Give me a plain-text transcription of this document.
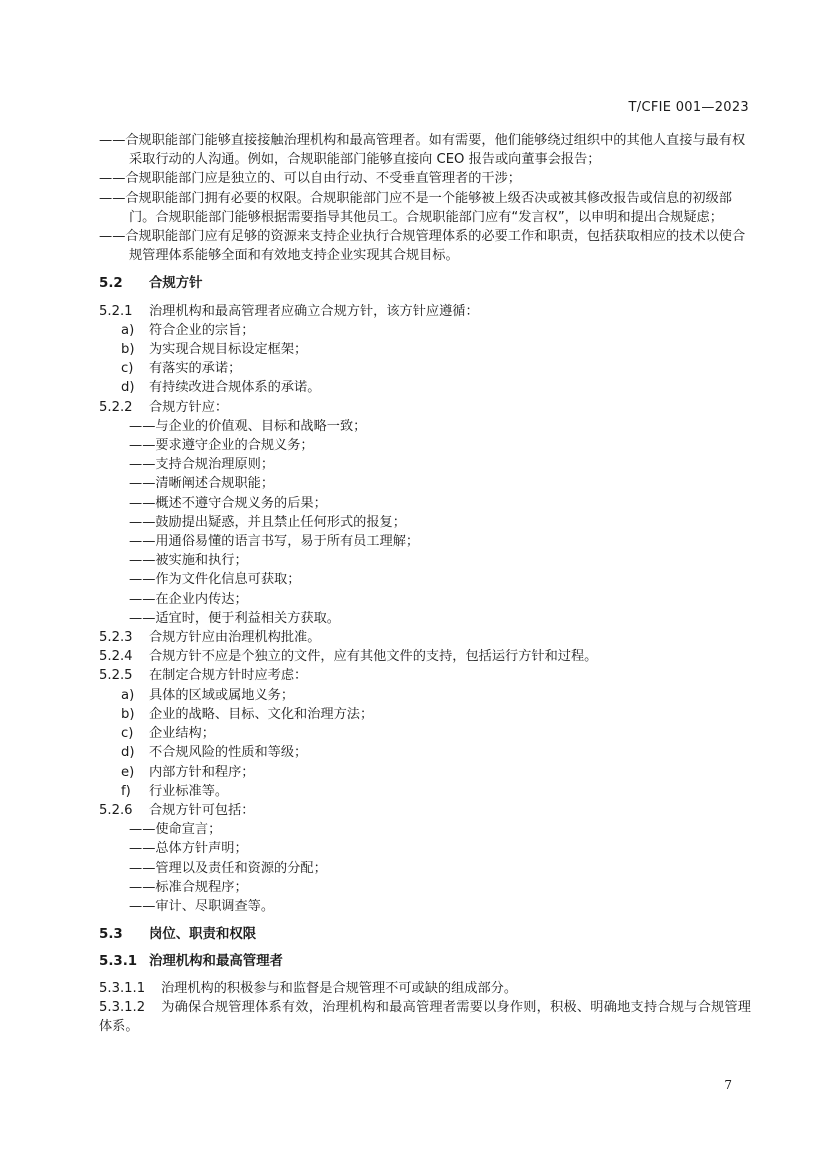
T/CFIE 001—2023
——合规职能部门能够直接接触治理机构和最高管理者。如有需要，他们能够绕过组织中的其他人直接与最有权采取行动的人沟通。例如，合规职能部门能够直接向 CEO 报告或向董事会报告；
——合规职能部门应是独立的、可以自由行动、不受垂直管理者的干涉；
——合规职能部门拥有必要的权限。合规职能部门应不是一个能够被上级否决或被其修改报告或信息的初级部门。合规职能部门能够根据需要指导其他员工。合规职能部门应有“发言权”，以申明和提出合规疑虑；
——合规职能部门应有足够的资源来支持企业执行合规管理体系的必要工作和职责，包括获取相应的技术以使合规管理体系能够全面和有效地支持企业实现其合规目标。
5.2 合规方针
5.2.1 治理机构和最高管理者应确立合规方针，该方针应遵循：
a) 符合企业的宗旨；
b) 为实现合规目标设定框架；
c) 有落实的承诺；
d) 有持续改进合规体系的承诺。
5.2.2 合规方针应：
——与企业的价值观、目标和战略一致；
——要求遵守企业的合规义务；
——支持合规治理原则；
——清晰阐述合规职能；
——概述不遵守合规义务的后果；
——鼓励提出疑惑，并且禁止任何形式的报复；
——用通俗易懂的语言书写，易于所有员工理解；
——被实施和执行；
——作为文件化信息可获取；
——在企业内传达；
——适宜时，便于利益相关方获取。
5.2.3 合规方针应由治理机构批准。
5.2.4 合规方针不应是个独立的文件，应有其他文件的支持，包括运行方针和过程。
5.2.5 在制定合规方针时应考虑：
a) 具体的区域或属地义务；
b) 企业的战略、目标、文化和治理方法；
c) 企业结构；
d) 不合规风险的性质和等级；
e) 内部方针和程序；
f) 行业标准等。
5.2.6 合规方针可包括：
——使命宣言；
——总体方针声明；
——管理以及责任和资源的分配；
——标准合规程序；
——审计、尽职调查等。
5.3 岗位、职责和权限
5.3.1 治理机构和最高管理者
5.3.1.1 治理机构的积极参与和监督是合规管理不可或缺的组成部分。
5.3.1.2 为确保合规管理体系有效，治理机构和最高管理者需要以身作则，积极、明确地支持合规与合规管理体系。
7
